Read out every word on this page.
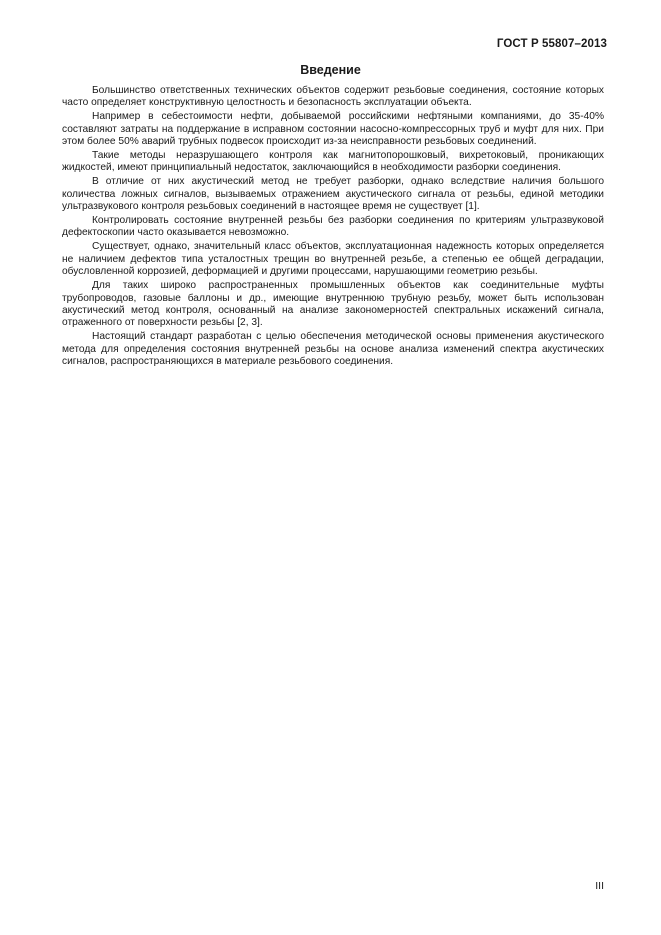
ГОСТ Р 55807–2013
Введение

Большинство ответственных технических объектов содержит резьбовые соединения, состояние которых часто определяет конструктивную целостность и безопасность эксплуатации объекта.

Например в себестоимости нефти, добываемой российскими нефтяными компаниями, до 35-40% составляют затраты на поддержание в исправном состоянии насосно-компрессорных труб и муфт для них. При этом более 50% аварий трубных подвесок происходит из-за неисправности резьбовых соединений.

Такие методы неразрушающего контроля как магнитопорошковый, вихретоковый, проникающих жидкостей, имеют принципиальный недостаток, заключающийся в необходимости разборки соединения.

В отличие от них акустический метод не требует разборки, однако вследствие наличия большого количества ложных сигналов, вызываемых отражением акустического сигнала от резьбы, единой методики ультразвукового контроля резьбовых соединений в настоящее время не существует [1].

Контролировать состояние внутренней резьбы без разборки соединения по критериям ультразвуковой дефектоскопии часто оказывается невозможно.

Существует, однако, значительный класс объектов, эксплуатационная надежность которых определяется не наличием дефектов типа усталостных трещин во внутренней резьбе, а степенью ее общей деградации, обусловленной коррозией, деформацией и другими процессами, нарушающими геометрию резьбы.

Для таких широко распространенных промышленных объектов как соединительные муфты трубопроводов, газовые баллоны и др., имеющие внутреннюю трубную резьбу, может быть использован акустический метод контроля, основанный на анализе закономерностей спектральных искажений сигнала, отраженного от поверхности резьбы [2, 3].

Настоящий стандарт разработан с целью обеспечения методической основы применения акустического метода для определения состояния внутренней резьбы на основе анализа изменений спектра акустических сигналов, распространяющихся в материале резьбового соединения.

III
